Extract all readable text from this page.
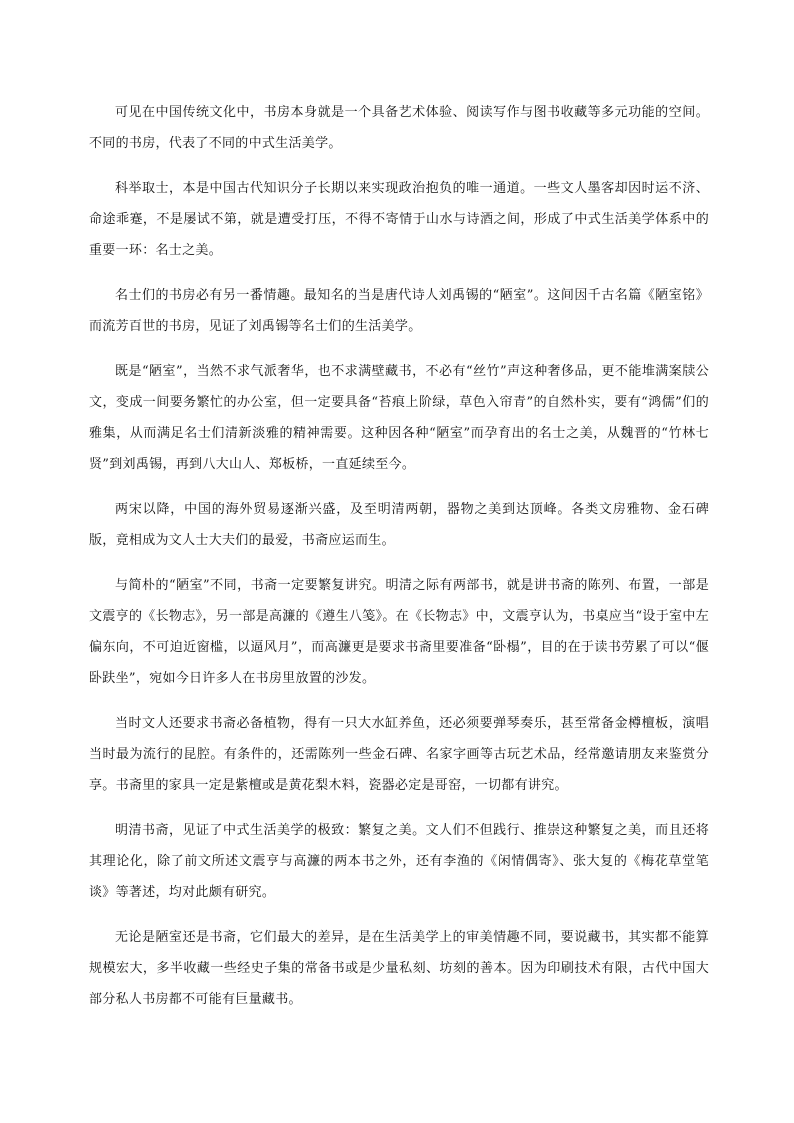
可见在中国传统文化中，书房本身就是一个具备艺术体验、阅读写作与图书收藏等多元功能的空间。不同的书房，代表了不同的中式生活美学。

科举取士，本是中国古代知识分子长期以来实现政治抱负的唯一通道。一些文人墨客却因时运不济、命途乖蹇，不是屡试不第，就是遭受打压，不得不寄情于山水与诗酒之间，形成了中式生活美学体系中的重要一环：名士之美。

名士们的书房必有另一番情趣。最知名的当是唐代诗人刘禹锡的“陋室”。这间因千古名篇《陋室铭》而流芳百世的书房，见证了刘禹锡等名士们的生活美学。

既是“陋室”，当然不求气派奢华，也不求满壁藏书，不必有“丝竹”声这种奢侈品，更不能堆满案牍公文，变成一间要务繁忙的办公室，但一定要具备“苔痕上阶绿，草色入帘青”的自然朴实，要有“鸿儒”们的雅集，从而满足名士们清新淡雅的精神需要。这种因各种“陋室”而孕育出的名士之美，从魏晋的“竹林七贤”到刘禹锡，再到八大山人、郑板桥，一直延续至今。

两宋以降，中国的海外贸易逐渐兴盛，及至明清两朝，器物之美到达顶峰。各类文房雅物、金石碑版，竟相成为文人士大夫们的最爱，书斋应运而生。

与简朴的“陋室”不同，书斋一定要繁复讲究。明清之际有两部书，就是讲书斋的陈列、布置，一部是文震亨的《长物志》，另一部是高濂的《遵生八笺》。在《长物志》中，文震亨认为，书桌应当“设于室中左偏东向，不可迫近窗槛，以逼风月”，而高濂更是要求书斋里要准备“卧榻”，目的在于读书劳累了可以“偃卧趺坐”，宛如今日许多人在书房里放置的沙发。

当时文人还要求书斋必备植物，得有一只大水缸养鱼，还必须要弹琴奏乐，甚至常备金樽檀板，演唱当时最为流行的昆腔。有条件的，还需陈列一些金石碑、名家字画等古玩艺术品，经常邀请朋友来鉴赏分享。书斋里的家具一定是紫檀或是黄花梨木料，瓷器必定是哥窑，一切都有讲究。

明清书斋，见证了中式生活美学的极致：繁复之美。文人们不但践行、推崇这种繁复之美，而且还将其理论化，除了前文所述文震亨与高濂的两本书之外，还有李渔的《闲情偶寄》、张大复的《梅花草堂笔谈》等著述，均对此颇有研究。

无论是陋室还是书斋，它们最大的差异，是在生活美学上的审美情趣不同，要说藏书，其实都不能算规模宏大，多半收藏一些经史子集的常备书或是少量私刻、坊刻的善本。因为印刷技术有限，古代中国大部分私人书房都不可能有巨量藏书。
